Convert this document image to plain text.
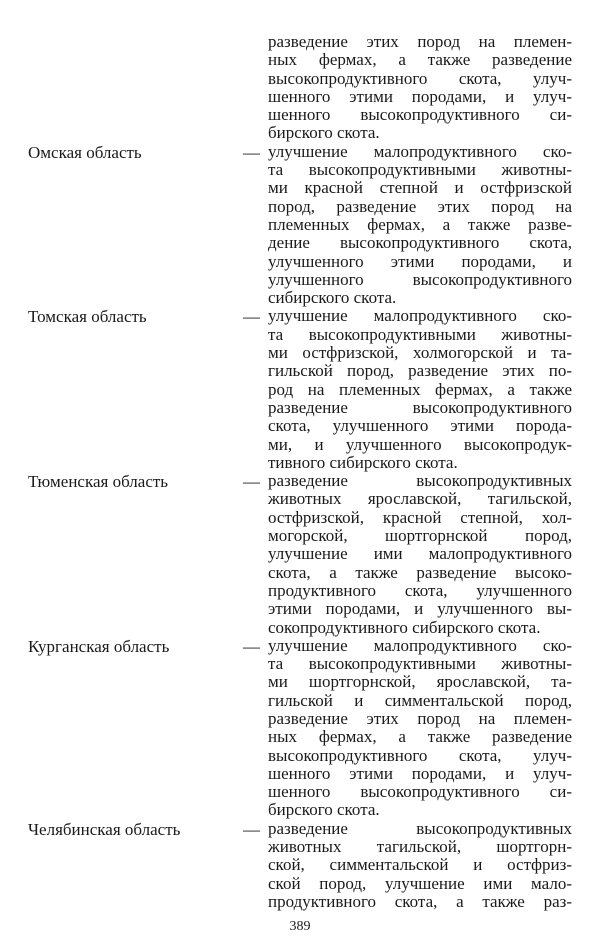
разведение этих пород на племен-
ных фермах, а также разведение
высокопродуктивного скота, улуч-
шенного этими породами, и улуч-
шенного высокопродуктивного си-
бирского скота.
Омская область	— улучшение малопродуктивного ско-
та высокопродуктивными животны-
ми красной степной и остфризской
пород, разведение этих пород на
племенных фермах, а также разве-
дение высокопродуктивного скота,
улучшенного этими породами, и
улучшенного высокопродуктивного
сибирского скота.
Томская область	— улучшение малопродуктивного ско-
та высокопродуктивными животны-
ми остфризской, холмогорской и та-
гильской пород, разведение этих по-
род на племенных фермах, а также
разведение высокопродуктивного
скота, улучшенного этими порода-
ми, и улучшенного высокопродук-
тивного сибирского скота.
Тюменская область	— разведение высокопродуктивных
животных ярославской, тагильской,
остфризской, красной степной, хол-
могорской, шортгорнской пород,
улучшение ими малопродуктивного
скота, а также разведение высоко-
продуктивного скота, улучшенного
этими породами, и улучшенного вы-
сокопродуктивного сибирского скота.
Курганская область	— улучшение малопродуктивного ско-
та высокопродуктивными животны-
ми шортгорнской, ярославской, та-
гильской и симментальской пород,
разведение этих пород на племен-
ных фермах, а также разведение
высокопродуктивного скота, улуч-
шенного этими породами, и улуч-
шенного высокопродуктивного си-
бирского скота.
Челябинская область	— разведение высокопродуктивных
животных тагильской, шортгорн-
ской, симментальской и остфриз-
ской пород, улучшение ими мало-
продуктивного скота, а также раз-
389
